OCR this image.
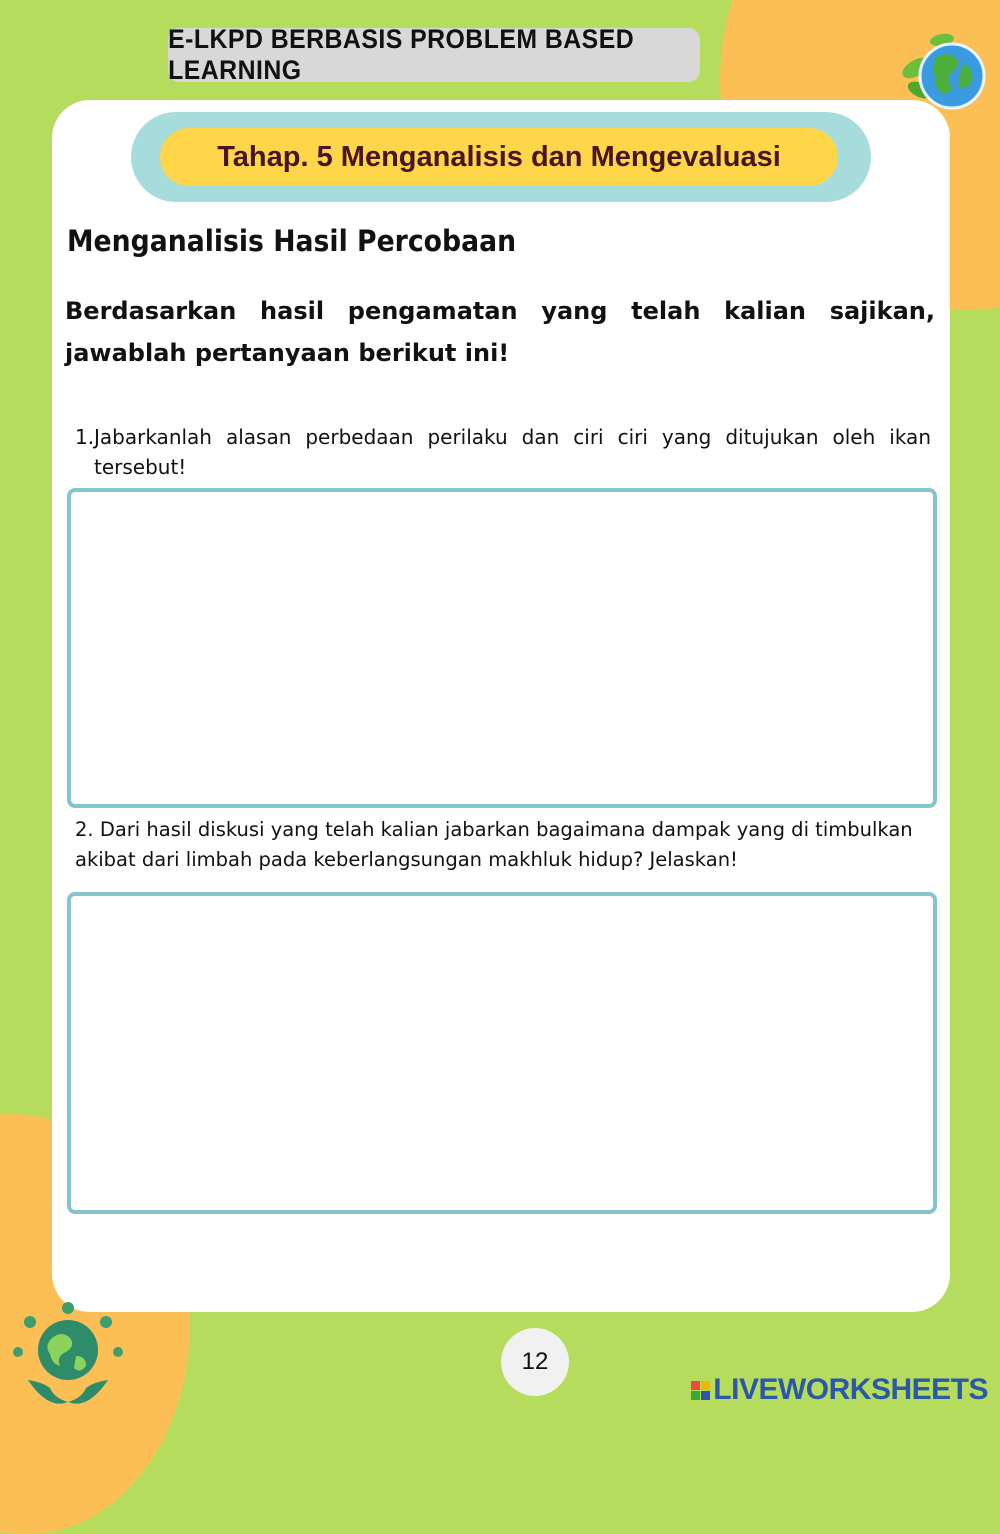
E-LKPD BERBASIS PROBLEM BASED LEARNING
Tahap. 5 Menganalisis dan Mengevaluasi
Menganalisis Hasil Percobaan
Berdasarkan hasil pengamatan yang telah kalian sajikan, jawablah pertanyaan berikut ini!
1. Jabarkanlah alasan perbedaan perilaku dan ciri ciri yang ditujukan oleh ikan tersebut!
2. Dari hasil diskusi yang telah kalian jabarkan bagaimana dampak yang di timbulkan akibat dari limbah pada keberlangsungan makhluk hidup? Jelaskan!
12
LIVEWORKSHEETS
